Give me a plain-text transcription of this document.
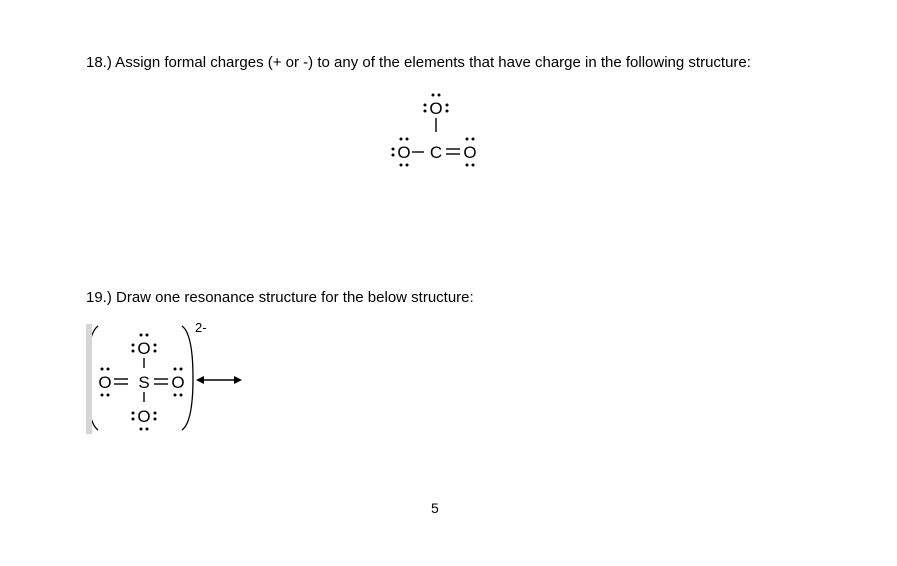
18.) Assign formal charges (+ or -) to any of the elements that have charge in the following structure:
O
O C O
19.) Draw one resonance structure for the below structure:
2-
O
O S O
O
5
